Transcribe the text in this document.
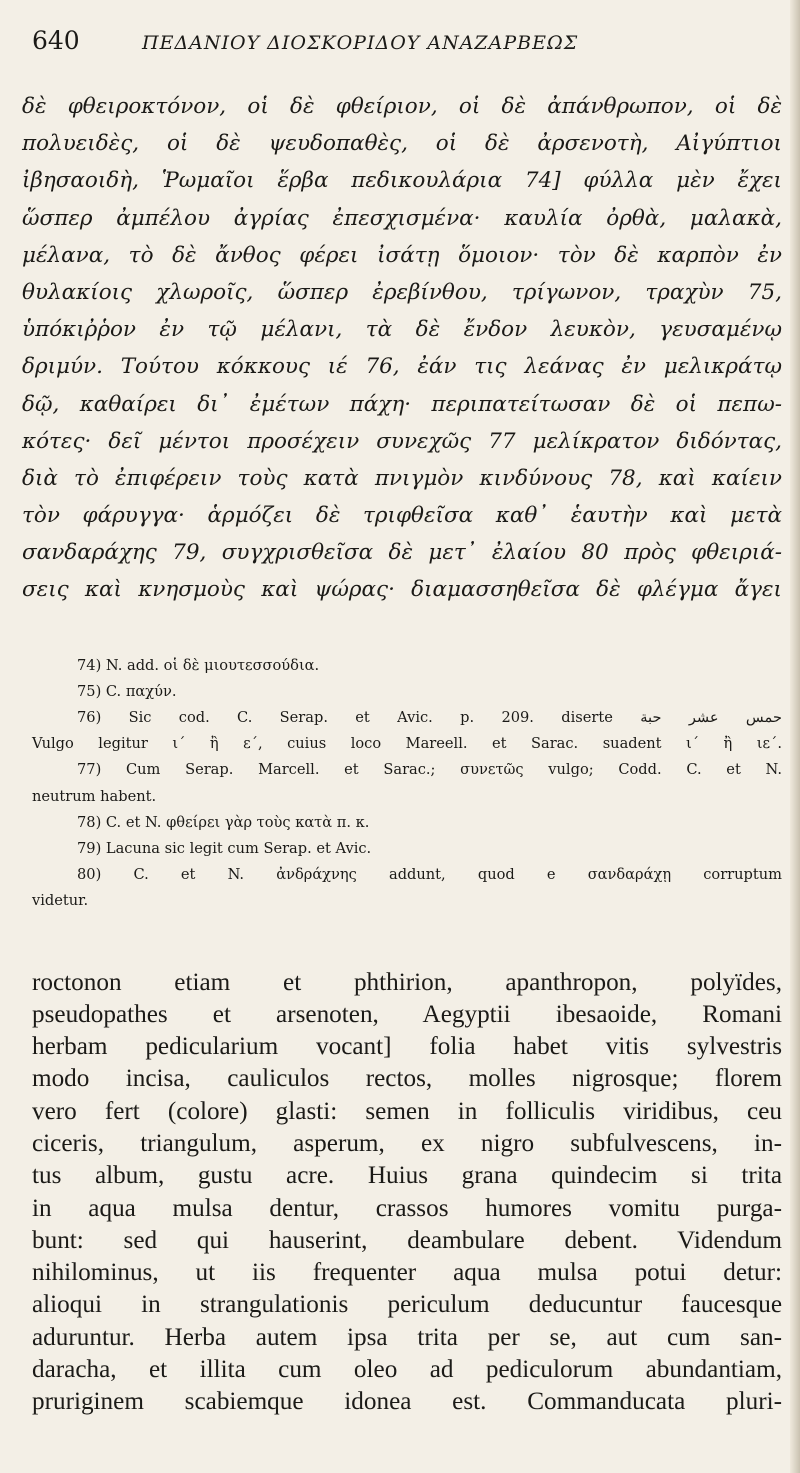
640	ΠΕΔΑΝΙΟΥ ΔΙΟΣΚΟΡΙΔΟΥ ΑΝΑΖΑΡΒΕΩΣ
δὲ φθειροκτόνον, οἱ δὲ φθείριον, οἱ δὲ ἀπάνθρωπον, οἱ δὲ
πολυειδὲς, οἱ δὲ ψευδοπαθὲς, οἱ δὲ ἀρσενοτὴ, Αἰγύπτιοι
ἰβησαοιδὴ, Ῥωμαῖοι ἕρβα πεδικουλάρια 74] φύλλα μὲν ἔχει
ὥσπερ ἀμπέλου ἀγρίας ἐπεσχισμένα· καυλία ὀρθὰ, μαλακὰ,
μέλανα, τὸ δὲ ἄνθος φέρει ἰσάτῃ ὅμοιον· τὸν δὲ καρπὸν ἐν
θυλακίοις χλωροῖς, ὥσπερ ἐρεβίνθου, τρίγωνον, τραχὺν 75,
ὑπόκιῤῥον ἐν τῷ μέλανι, τὰ δὲ ἔνδον λευκὸν, γευσαμένῳ
δριμύν. Τούτου κόκκους ιέ 76, ἐάν τις λεάνας ἐν μελικράτῳ
δῷ, καθαίρει δι᾽ ἐμέτων πάχη· περιπατείτωσαν δὲ οἱ πεπω-
κότες· δεῖ μέντοι προσέχειν συνεχῶς 77 μελίκρατον διδόντας,
διὰ τὸ ἐπιφέρειν τοὺς κατὰ πνιγμὸν κινδύνους 78, καὶ καίειν
τὸν φάρυγγα· ἁρμόζει δὲ τριφθεῖσα καθ᾽ ἑαυτὴν καὶ μετὰ
σανδαράχης 79, συγχρισθεῖσα δὲ μετ᾽ ἐλαίου 80 πρὸς φθειριά-
σεις καὶ κνησμοὺς καὶ ψώρας· διαμασσηθεῖσα δὲ φλέγμα ἄγει
74) N. add. οἱ δὲ μιουτεσσούδια.
75) C. παχύν.
76) Sic cod. C. Serap. et Avic. p. 209. diserte حمس عشر حبة
Vulgo legitur ι΄ ἢ ε΄, cuius loco Mareell. et Sarac. suadent ι΄ ἢ ιε΄.
77) Cum Serap. Marcell. et Sarac.; συνετῶς vulgo; Codd. C. et N.
neutrum habent.
78) C. et N. φθείρει γὰρ τοὺς κατὰ π. κ.
79) Lacuna sic legit cum Serap. et Avic.
80) C. et N. ἀνδράχνης addunt, quod e σανδαράχῃ corruptum
videtur.
roctonon etiam et phthirion, apanthropon, polyïdes,
pseudopathes et arsenoten, Aegyptii ibesaoide, Romani
herbam pedicularium vocant] folia habet vitis sylvestris
modo incisa, cauliculos rectos, molles nigrosque; florem
vero fert (colore) glasti: semen in folliculis viridibus, ceu
ciceris, triangulum, asperum, ex nigro subfulvescens, in-
tus album, gustu acre. Huius grana quindecim si trita
in aqua mulsa dentur, crassos humores vomitu purga-
bunt: sed qui hauserint, deambulare debent. Videndum
nihilominus, ut iis frequenter aqua mulsa potui detur:
alioqui in strangulationis periculum deducuntur faucesque
aduruntur. Herba autem ipsa trita per se, aut cum san-
daracha, et illita cum oleo ad pediculorum abundantiam,
pruriginem scabiemque idonea est. Commanducata pluri-
